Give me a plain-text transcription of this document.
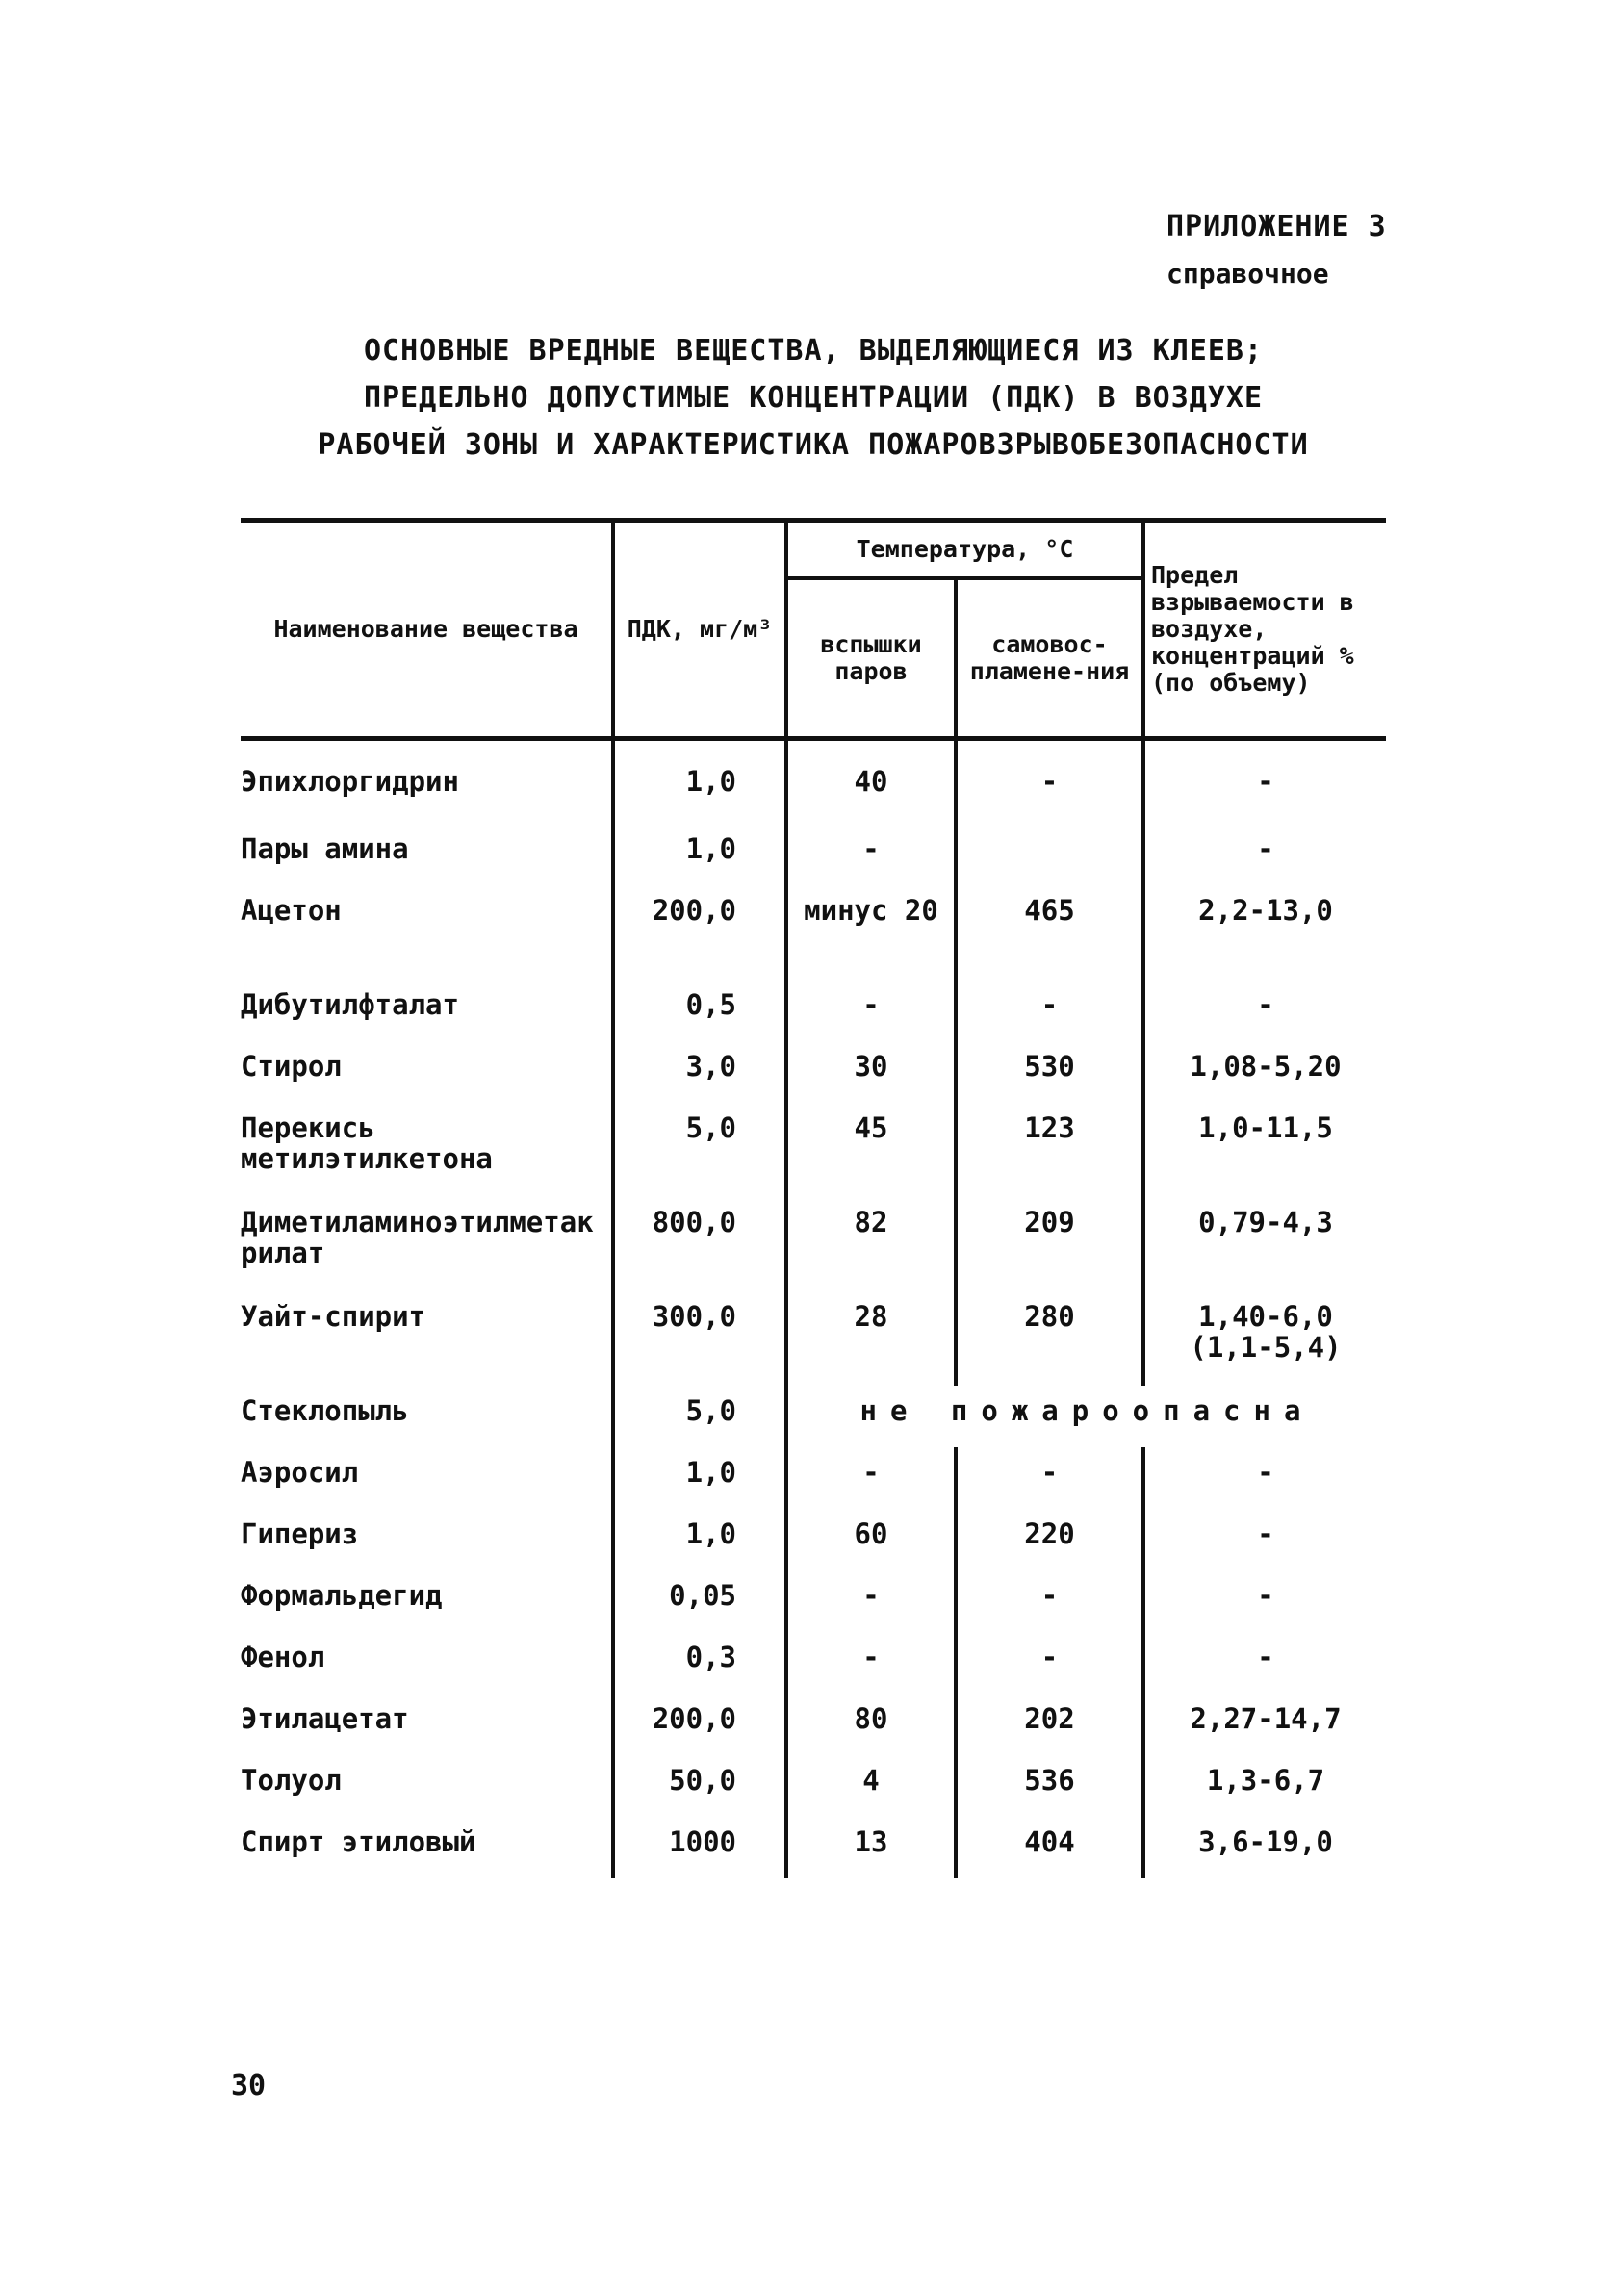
ПРИЛОЖЕНИЕ 3
справочное
ОСНОВНЫЕ ВРЕДНЫЕ ВЕЩЕСТВА, ВЫДЕЛЯЮЩИЕСЯ ИЗ КЛЕЕВ;
ПРЕДЕЛЬНО ДОПУСТИМЫЕ КОНЦЕНТРАЦИИ (ПДК) В ВОЗДУХЕ
РАБОЧЕЙ ЗОНЫ И ХАРАКТЕРИСТИКА ПОЖАРОВЗРЫВОБЕЗОПАСНОСТИ
Наименование вещества	ПДК, мг/м³	Температура, °С		Предел взрываемости в воздухе, концентраций % (по объему)
		вспышки паров	самовос-пламене-ния	
Эпихлоргидрин	1,0	40	-	-
Пары амина	1,0	-		-
Ацетон	200,0	минус 20	465	2,2-13,0
Дибутилфталат	0,5	-	-	-
Стирол	3,0	30	530	1,08-5,20
Перекись метилэтилкетона	5,0	45	123	1,0-11,5
Диметиламиноэтилметакрилат	800,0	82	209	0,79-4,3
Уайт-спирит	300,0	28	280	1,40-6,0 (1,1-5,4)
Стеклопыль	5,0	не пожароопасна		
Аэросил	1,0	-	-	-
Гипериз	1,0	60	220	-
Формальдегид	0,05	-	-	-
Фенол	0,3	-	-	-
Этилацетат	200,0	80	202	2,27-14,7
Толуол	50,0	4	536	1,3-6,7
Спирт этиловый	1000	13	404	3,6-19,0
30
